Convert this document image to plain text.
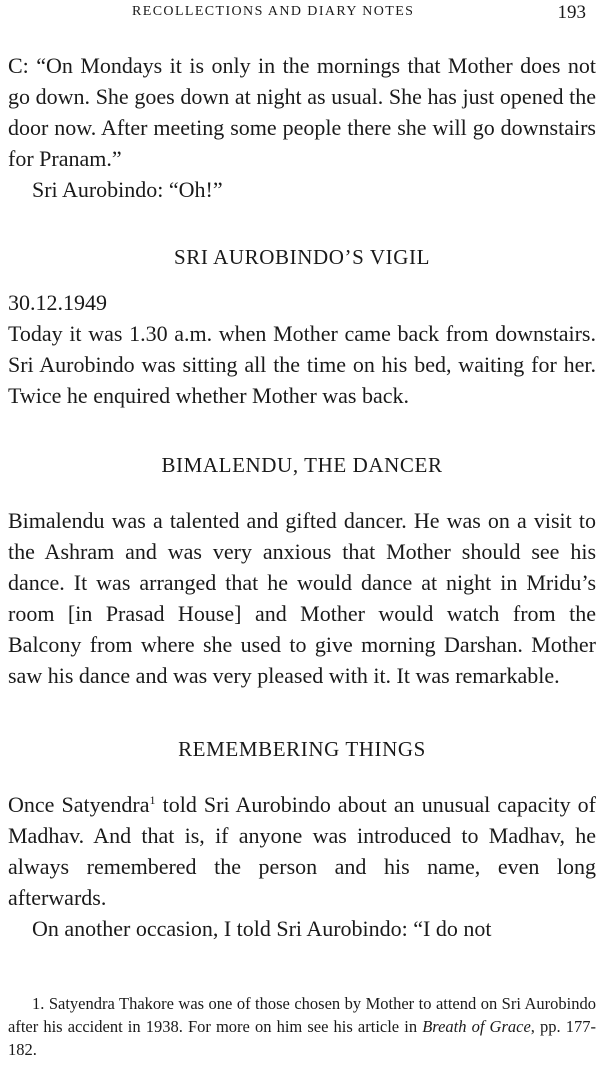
RECOLLECTIONS AND DIARY NOTES	193

C: “On Mondays it is only in the mornings that Mother does not go down. She goes down at night as usual. She has just opened the door now. After meeting some people there she will go downstairs for Pranam.”

Sri Aurobindo: “Oh!”

SRI AUROBINDO’S VIGIL

30.12.1949

Today it was 1.30 a.m. when Mother came back from downstairs. Sri Aurobindo was sitting all the time on his bed, waiting for her. Twice he enquired whether Mother was back.

BIMALENDU, THE DANCER

Bimalendu was a talented and gifted dancer. He was on a visit to the Ashram and was very anxious that Mother should see his dance. It was arranged that he would dance at night in Mridu’s room [in Prasad House] and Mother would watch from the Balcony from where she used to give morning Darshan. Mother saw his dance and was very pleased with it. It was remarkable.

REMEMBERING THINGS

Once Satyendra$^1$ told Sri Aurobindo about an unusual capacity of Madhav. And that is, if anyone was introduced to Madhav, he always remembered the person and his name, even long afterwards.

On another occasion, I told Sri Aurobindo: “I do not

1. Satyendra Thakore was one of those chosen by Mother to attend on Sri Aurobindo after his accident in 1938. For more on him see his article in Breath of Grace, pp. 177-182.
